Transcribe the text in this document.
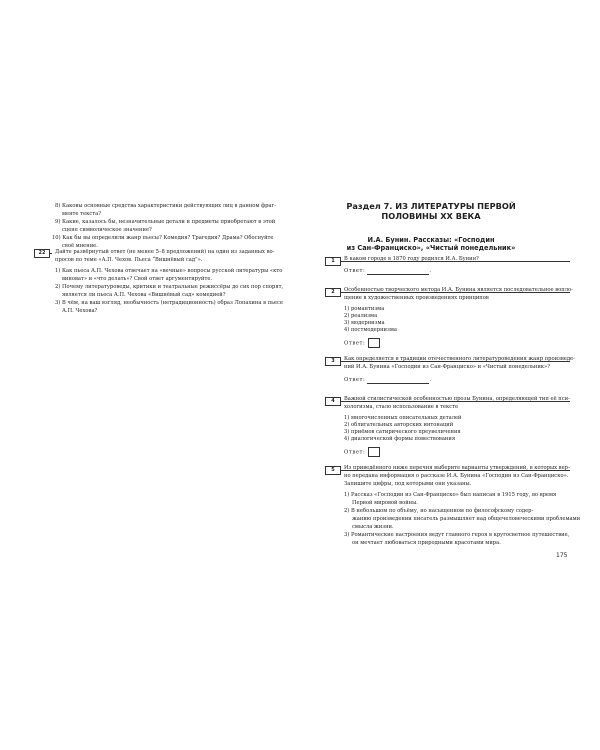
8) Каковы основные средства характеристики действующих лиц в данном фраг-
менте текста?
9) Какие, казалось бы, незначительные детали и предметы приобретают в этой
сцене символическое значение?
10) Как бы вы определили жанр пьесы? Комедия? Трагедия? Драма? Обоснуйте
своё мнение.
22	Дайте развёрнутый ответ (не менее 5–8 предложений) на один из заданных во-
просов по теме «А.П. Чехов. Пьеса “Вишнёвый сад”».
1) Как пьеса А.П. Чехова отвечает на «вечные» вопросы русской литературы «кто
виноват» и «что делать»? Свой ответ аргументируйте.
2) Почему литературоведы, критики и театральные режиссёры до сих пор спорят,
является ли пьеса А.П. Чехова «Вишнёвый сад» комедией?
3) В чём, на ваш взгляд, необычность (нетрадиционность) образ Лопахина в пьесе
А.П. Чехова?
Раздел 7. ИЗ ЛИТЕРАТУРЫ ПЕРВОЙ
ПОЛОВИНЫ XX ВЕКА
И.А. Бунин. Рассказы: «Господин
из Сан-Франциско», «Чистый понедельник»
1	В каком городе в 1870 году родился И.А. Бунин?
Ответ:	.
2	Особенностью творческого метода И.А. Бунина является последовательное вопло-
щение в художественных произведениях принципов
1) романтизма
2) реализма
3) модернизма
4) постмодернизма
Ответ:
3	Как определяется в традиции отечественного литературоведения жанр произведе-
ний И.А. Бунина «Господин из Сан-Франциско» и «Чистый понедельник»?
Ответ:	.
4	Важной стилистической особенностью прозы Бунина, определяющей тип её пси-
хологизма, стало использование в тексте
1) многочисленных описательных деталей
2) облигательных авторских интонаций
3) приёмов сатирического преувеличения
4) диалогической формы повествования
Ответ:
5	Из приведённого ниже перечня выберите варианты утверждений, в которых вер-
но передана информация о рассказе И.А. Бунина «Господин из Сан-Франциско».
Запишите цифры, под которыми они указаны.
1) Рассказ «Господин из Сан-Франциско» был написан в 1915 году, во время
Первой мировой войны.
2) В небольшом по объёму, но насыщенном по философскому содер-
жанию произведении писатель размышляет над общечеловеческими проблемами
смысла жизни.
3) Романтические настроения ведут главного героя в кругосветное путешествие,
он мечтает любоваться природными красотами мира.
175
